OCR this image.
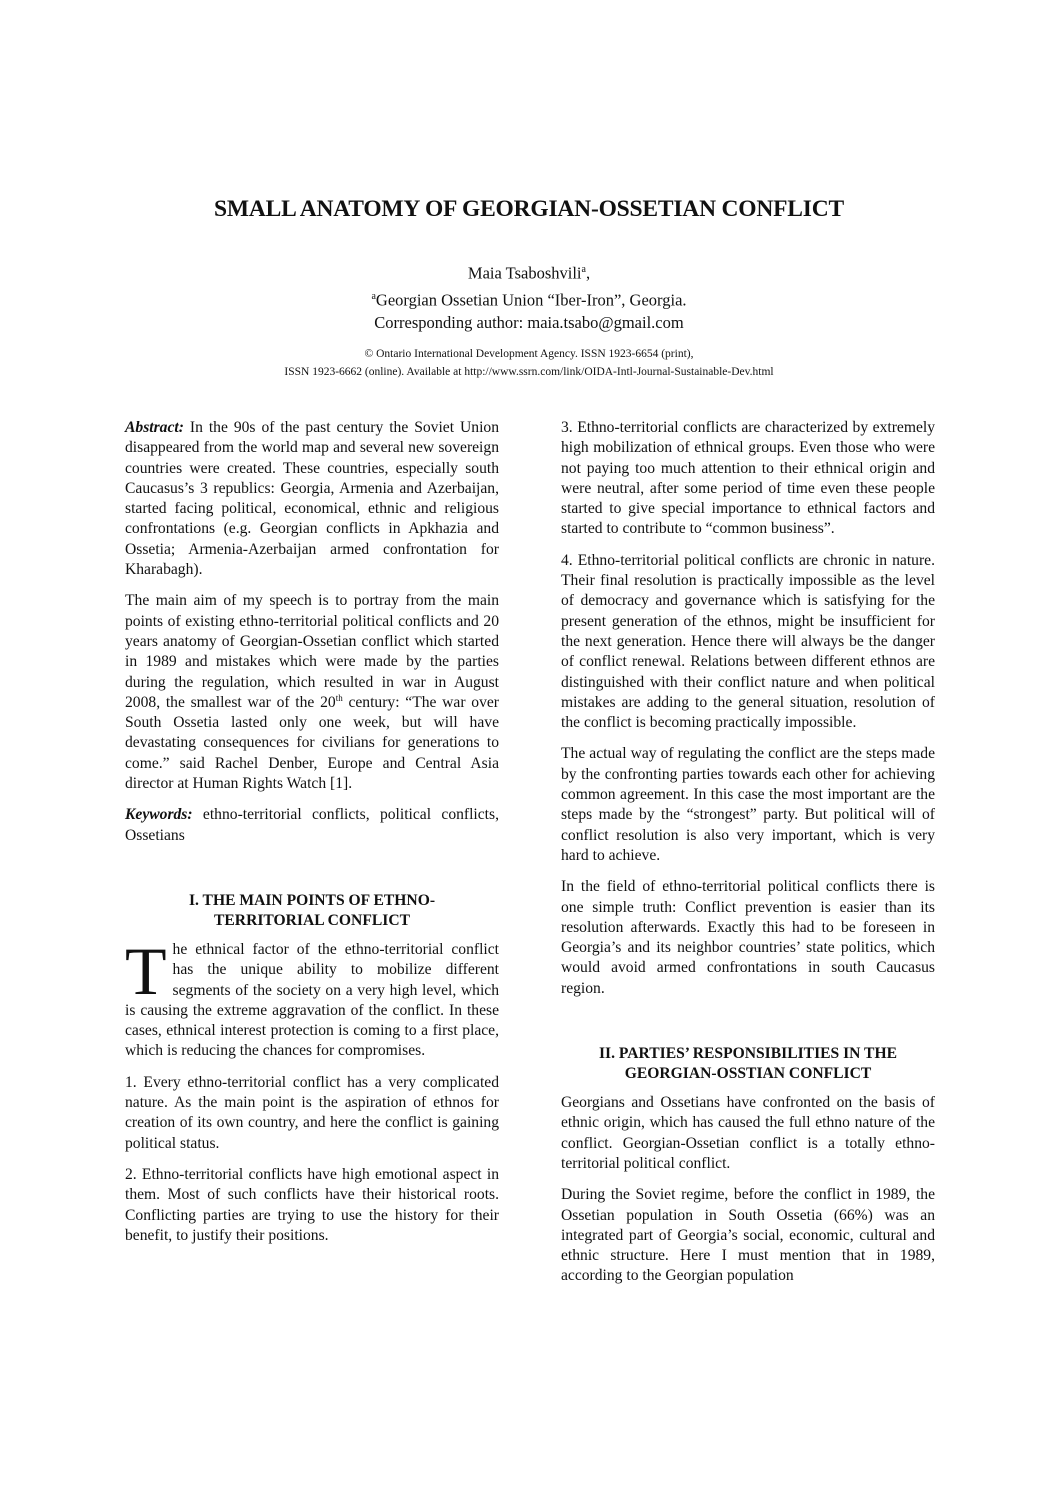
SMALL ANATOMY OF GEORGIAN-OSSETIAN CONFLICT
Maia Tsaboshvili$^a$,
$^a$Georgian Ossetian Union “Iber-Iron”, Georgia.
Corresponding author: maia.tsabo@gmail.com
© Ontario International Development Agency. ISSN 1923-6654 (print),
ISSN 1923-6662 (online). Available at http://www.ssrn.com/link/OIDA-Intl-Journal-Sustainable-Dev.html

Abstract: In the 90s of the past century the Soviet Union disappeared from the world map and several new sovereign countries were created. These countries, especially south Caucasus’s 3 republics: Georgia, Armenia and Azerbaijan, started facing political, economical, ethnic and religious confrontations (e.g. Georgian conflicts in Apkhazia and Ossetia; Armenia-Azerbaijan armed confrontation for Kharabagh).

The main aim of my speech is to portray from the main points of existing ethno-territorial political conflicts and 20 years anatomy of Georgian-Ossetian conflict which started in 1989 and mistakes which were made by the parties during the regulation, which resulted in war in August 2008, the smallest war of the 20th century: “The war over South Ossetia lasted only one week, but will have devastating consequences for civilians for generations to come.” said Rachel Denber, Europe and Central Asia director at Human Rights Watch [1].

Keywords: ethno-territorial conflicts, political conflicts, Ossetians

I. THE MAIN POINTS OF ETHNO-
TERRITORIAL CONFLICT

The ethnical factor of the ethno-territorial conflict has the unique ability to mobilize different segments of the society on a very high level, which is causing the extreme aggravation of the conflict. In these cases, ethnical interest protection is coming to a first place, which is reducing the chances for compromises.

1. Every ethno-territorial conflict has a very complicated nature. As the main point is the aspiration of ethnos for creation of its own country, and here the conflict is gaining political status.

2. Ethno-territorial conflicts have high emotional aspect in them. Most of such conflicts have their historical roots. Conflicting parties are trying to use the history for their benefit, to justify their positions.

3. Ethno-territorial conflicts are characterized by extremely high mobilization of ethnical groups. Even those who were not paying too much attention to their ethnical origin and were neutral, after some period of time even these people started to give special importance to ethnical factors and started to contribute to “common business”.

4. Ethno-territorial political conflicts are chronic in nature. Their final resolution is practically impossible as the level of democracy and governance which is satisfying for the present generation of the ethnos, might be insufficient for the next generation. Hence there will always be the danger of conflict renewal. Relations between different ethnos are distinguished with their conflict nature and when political mistakes are adding to the general situation, resolution of the conflict is becoming practically impossible.

The actual way of regulating the conflict are the steps made by the confronting parties towards each other for achieving common agreement. In this case the most important are the steps made by the “strongest” party. But political will of conflict resolution is also very important, which is very hard to achieve.

In the field of ethno-territorial political conflicts there is one simple truth: Conflict prevention is easier than its resolution afterwards. Exactly this had to be foreseen in Georgia’s and its neighbor countries’ state politics, which would avoid armed confrontations in south Caucasus region.

II. PARTIES’ RESPONSIBILITIES IN THE
GEORGIAN-OSSTIAN CONFLICT

Georgians and Ossetians have confronted on the basis of ethnic origin, which has caused the full ethno nature of the conflict. Georgian-Ossetian conflict is a totally ethno-territorial political conflict.

During the Soviet regime, before the conflict in 1989, the Ossetian population in South Ossetia (66%) was an integrated part of Georgia’s social, economic, cultural and ethnic structure. Here I must mention that in 1989, according to the Georgian population
